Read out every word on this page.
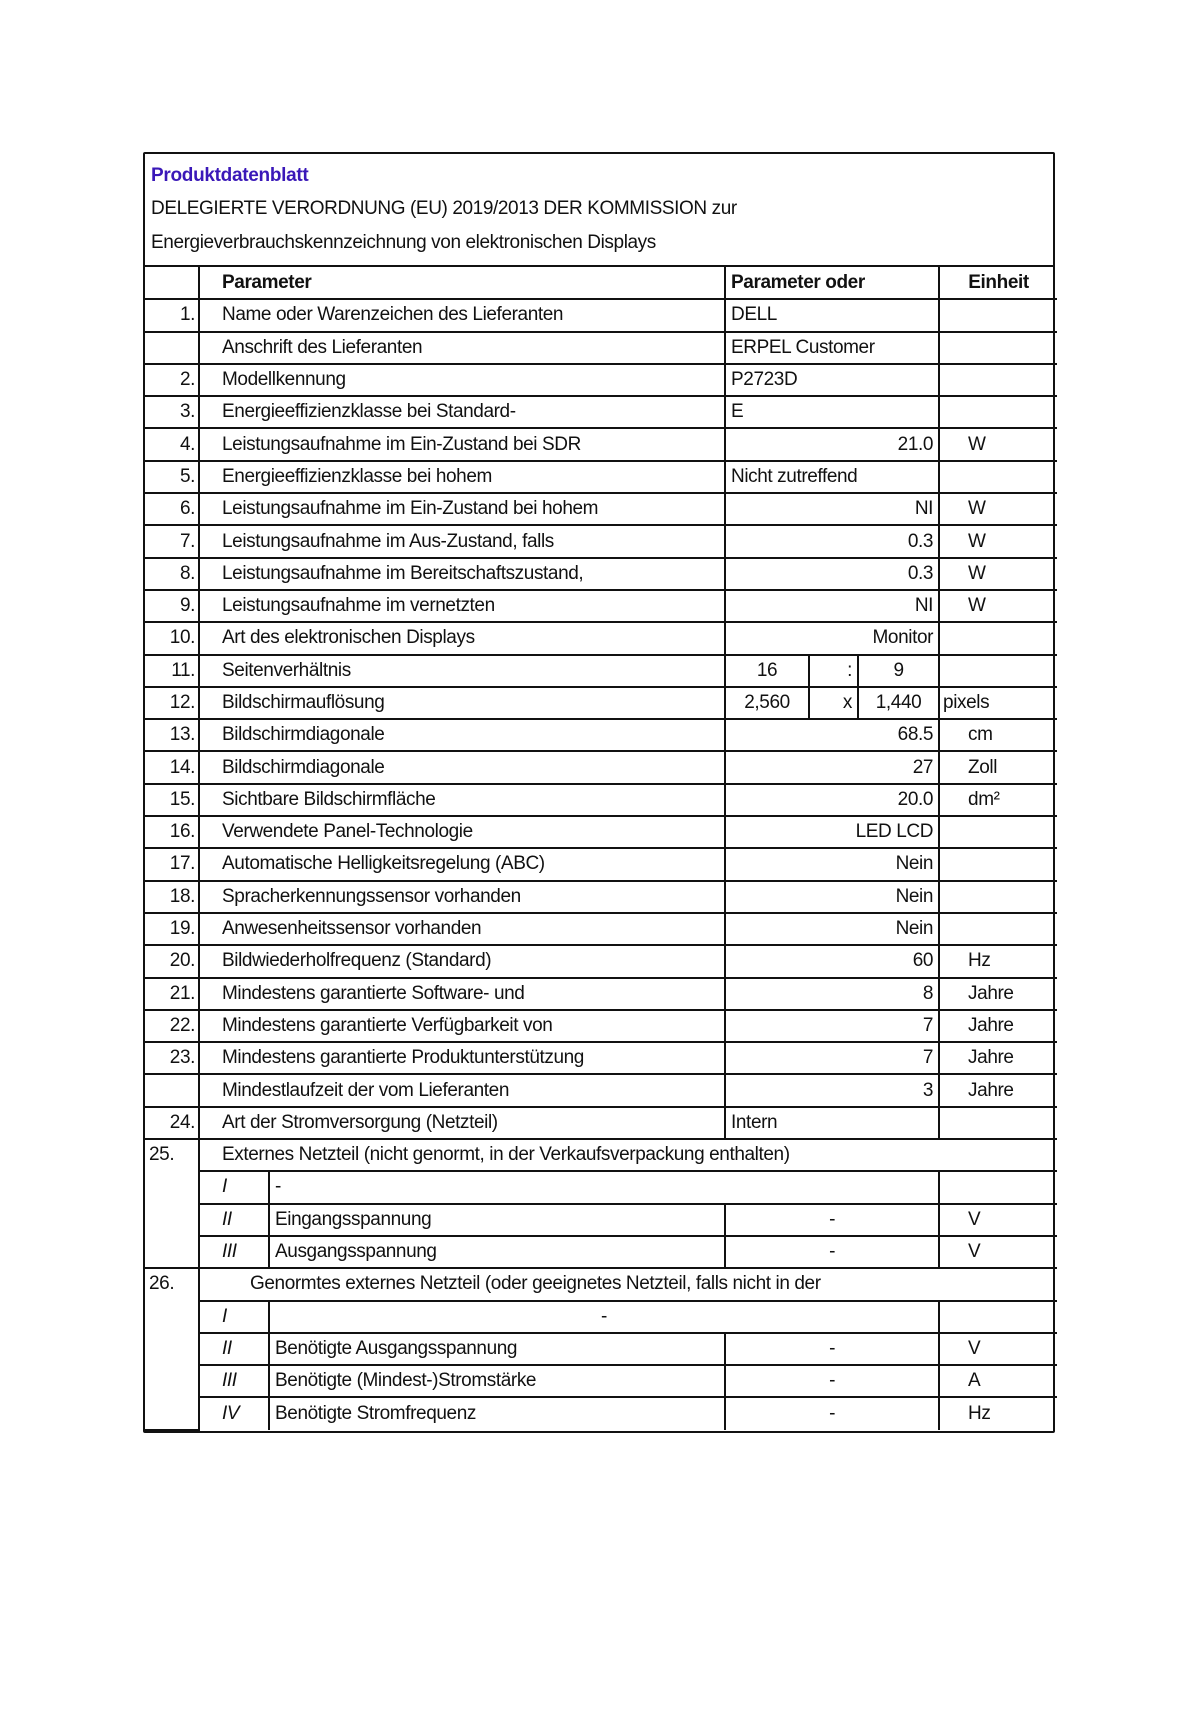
Produktdatenblatt
DELEGIERTE VERORDNUNG (EU) 2019/2013 DER KOMMISSION zur
Energieverbrauchskennzeichnung von elektronischen Displays
	Parameter		Parameter oder			Einheit
1.	Name oder Warenzeichen des Lieferanten		DELL			
	Anschrift des Lieferanten		ERPEL Customer			
2.	Modellkennung		P2723D			
3.	Energieeffizienzklasse bei Standard-		E			
4.	Leistungsaufnahme im Ein-Zustand bei SDR		21.0			W
5.	Energieeffizienzklasse bei hohem		Nicht zutreffend			
6.	Leistungsaufnahme im Ein-Zustand bei hohem		NI			W
7.	Leistungsaufnahme im Aus-Zustand, falls		0.3			W
8.	Leistungsaufnahme im Bereitschaftszustand,		0.3			W
9.	Leistungsaufnahme im vernetzten		NI			W
10.	Art des elektronischen Displays		Monitor			
11.	Seitenverhältnis		16	:	9	
12.	Bildschirmauflösung		2,560	x	1,440	pixels
13.	Bildschirmdiagonale		68.5			cm
14.	Bildschirmdiagonale		27			Zoll
15.	Sichtbare Bildschirmfläche		20.0			dm²
16.	Verwendete Panel-Technologie		LED LCD			
17.	Automatische Helligkeitsregelung (ABC)		Nein			
18.	Spracherkennungssensor vorhanden		Nein			
19.	Anwesenheitssensor vorhanden		Nein			
20.	Bildwiederholfrequenz (Standard)		60			Hz
21.	Mindestens garantierte Software- und		8			Jahre
22.	Mindestens garantierte Verfügbarkeit von		7			Jahre
23.	Mindestens garantierte Produktunterstützung		7			Jahre
	Mindestlaufzeit der vom Lieferanten		3			Jahre
24.	Art der Stromversorgung (Netzteil)		Intern			
25.	Externes Netzteil (nicht genormt, in der Verkaufsverpackung enthalten)					
	I	-				
	II	Eingangsspannung	-			V
	III	Ausgangsspannung	-			V
26.	Genormtes externes Netzteil (oder geeignetes Netzteil, falls nicht in der					
	I	-				
	II	Benötigte Ausgangsspannung	-			V
	III	Benötigte (Mindest-)Stromstärke	-			A
	IV	Benötigte Stromfrequenz	-			Hz
